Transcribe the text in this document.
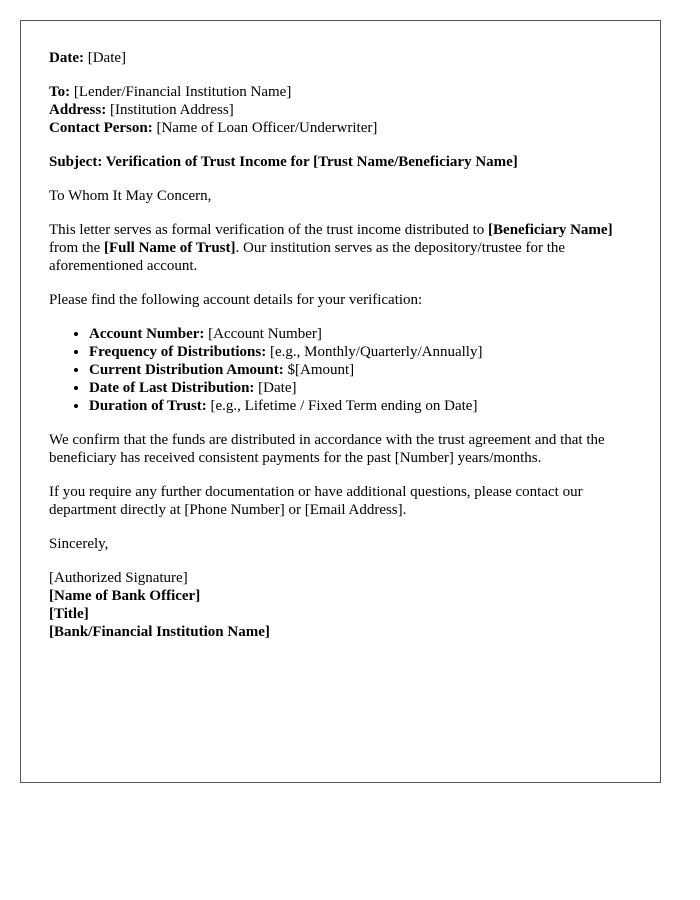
Date: [Date]

To: [Lender/Financial Institution Name]
Address: [Institution Address]
Contact Person: [Name of Loan Officer/Underwriter]

Subject: Verification of Trust Income for [Trust Name/Beneficiary Name]

To Whom It May Concern,

This letter serves as formal verification of the trust income distributed to [Beneficiary Name] from the [Full Name of Trust]. Our institution serves as the depository/trustee for the aforementioned account.

Please find the following account details for your verification:

• Account Number: [Account Number]
• Frequency of Distributions: [e.g., Monthly/Quarterly/Annually]
• Current Distribution Amount: $[Amount]
• Date of Last Distribution: [Date]
• Duration of Trust: [e.g., Lifetime / Fixed Term ending on Date]

We confirm that the funds are distributed in accordance with the trust agreement and that the beneficiary has received consistent payments for the past [Number] years/months.

If you require any further documentation or have additional questions, please contact our department directly at [Phone Number] or [Email Address].

Sincerely,

[Authorized Signature]
[Name of Bank Officer]
[Title]
[Bank/Financial Institution Name]
